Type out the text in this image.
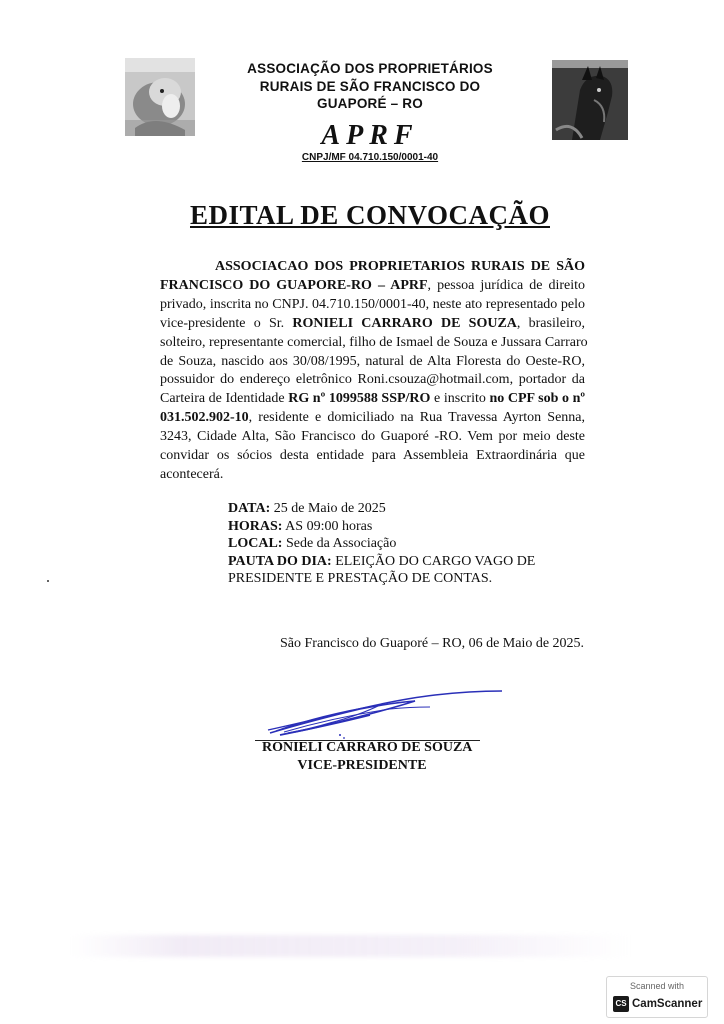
ASSOCIAÇÃO DOS PROPRIETÁRIOS
RURAIS DE SÃO FRANCISCO DO
GUAPORÉ – RO
APRF
CNPJ/MF 04.710.150/0001-40
EDITAL DE CONVOCAÇÃO
ASSOCIACAO DOS PROPRIETARIOS RURAIS DE SÃO
FRANCISCO DO GUAPORE-RO – APRF, pessoa jurídica de direito
privado, inscrita no CNPJ. 04.710.150/0001-40, neste ato representado pelo
vice-presidente o Sr. RONIELI CARRARO DE SOUZA, brasileiro,
solteiro, representante comercial, filho de Ismael de Souza e Jussara Carraro
de Souza, nascido aos 30/08/1995, natural de Alta Floresta do Oeste-RO,
possuidor do endereço eletrônico Roni.csouza@hotmail.com, portador da
Carteira de Identidade RG nº 1099588 SSP/RO e inscrito no CPF sob o nº
031.502.902-10, residente e domiciliado na Rua Travessa Ayrton Senna,
3243, Cidade Alta, São Francisco do Guaporé -RO. Vem por meio deste
convidar os sócios desta entidade para Assembleia Extraordinária que
acontecerá.
DATA: 25 de Maio de 2025
HORAS: AS 09:00 horas
LOCAL: Sede da Associação
PAUTA DO DIA: ELEIÇÃO DO CARGO VAGO DE
PRESIDENTE E PRESTAÇÃO DE CONTAS.
São Francisco do Guaporé – RO, 06 de Maio de 2025.
RONIELI CARRARO DE SOUZA
VICE-PRESIDENTE
Scanned with
CS CamScanner
